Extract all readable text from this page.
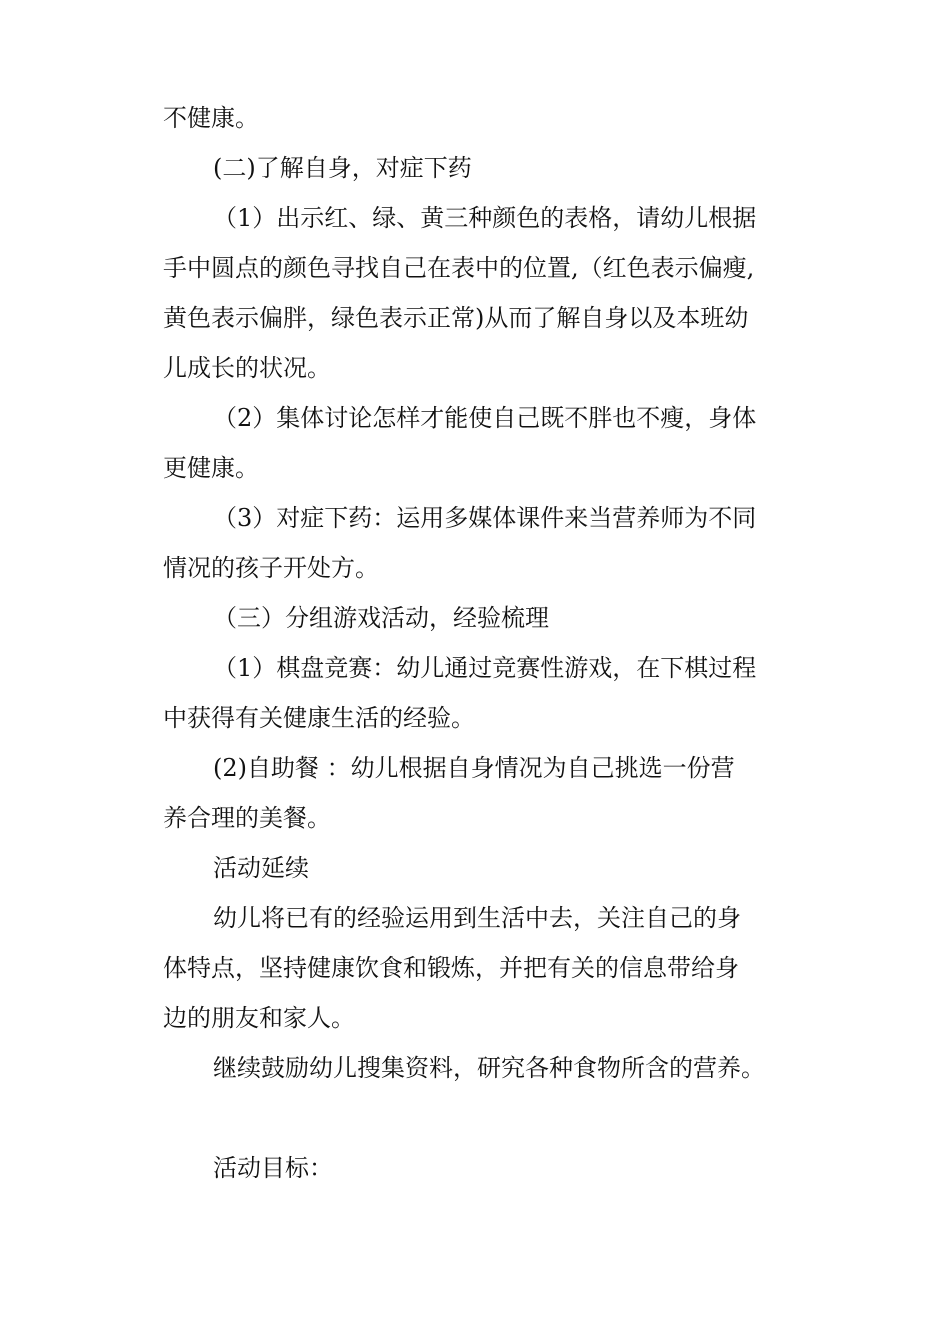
不健康。
(二)了解自身，对症下药
（1）出示红、绿、黄三种颜色的表格，请幼儿根据
手中圆点的颜色寻找自己在表中的位置,（红色表示偏瘦,
黄色表示偏胖，绿色表示正常)从而了解自身以及本班幼
儿成长的状况。
（2）集体讨论怎样才能使自己既不胖也不瘦，身体
更健康。
（3）对症下药：运用多媒体课件来当营养师为不同
情况的孩子开处方。
（三）分组游戏活动，经验梳理
（1）棋盘竞赛：幼儿通过竞赛性游戏，在下棋过程
中获得有关健康生活的经验。
(2)自助餐 ：幼儿根据自身情况为自己挑选一份营
养合理的美餐。
活动延续
幼儿将已有的经验运用到生活中去，关注自己的身
体特点，坚持健康饮食和锻炼，并把有关的信息带给身
边的朋友和家人。
继续鼓励幼儿搜集资料，研究各种食物所含的营养。
活动目标：
